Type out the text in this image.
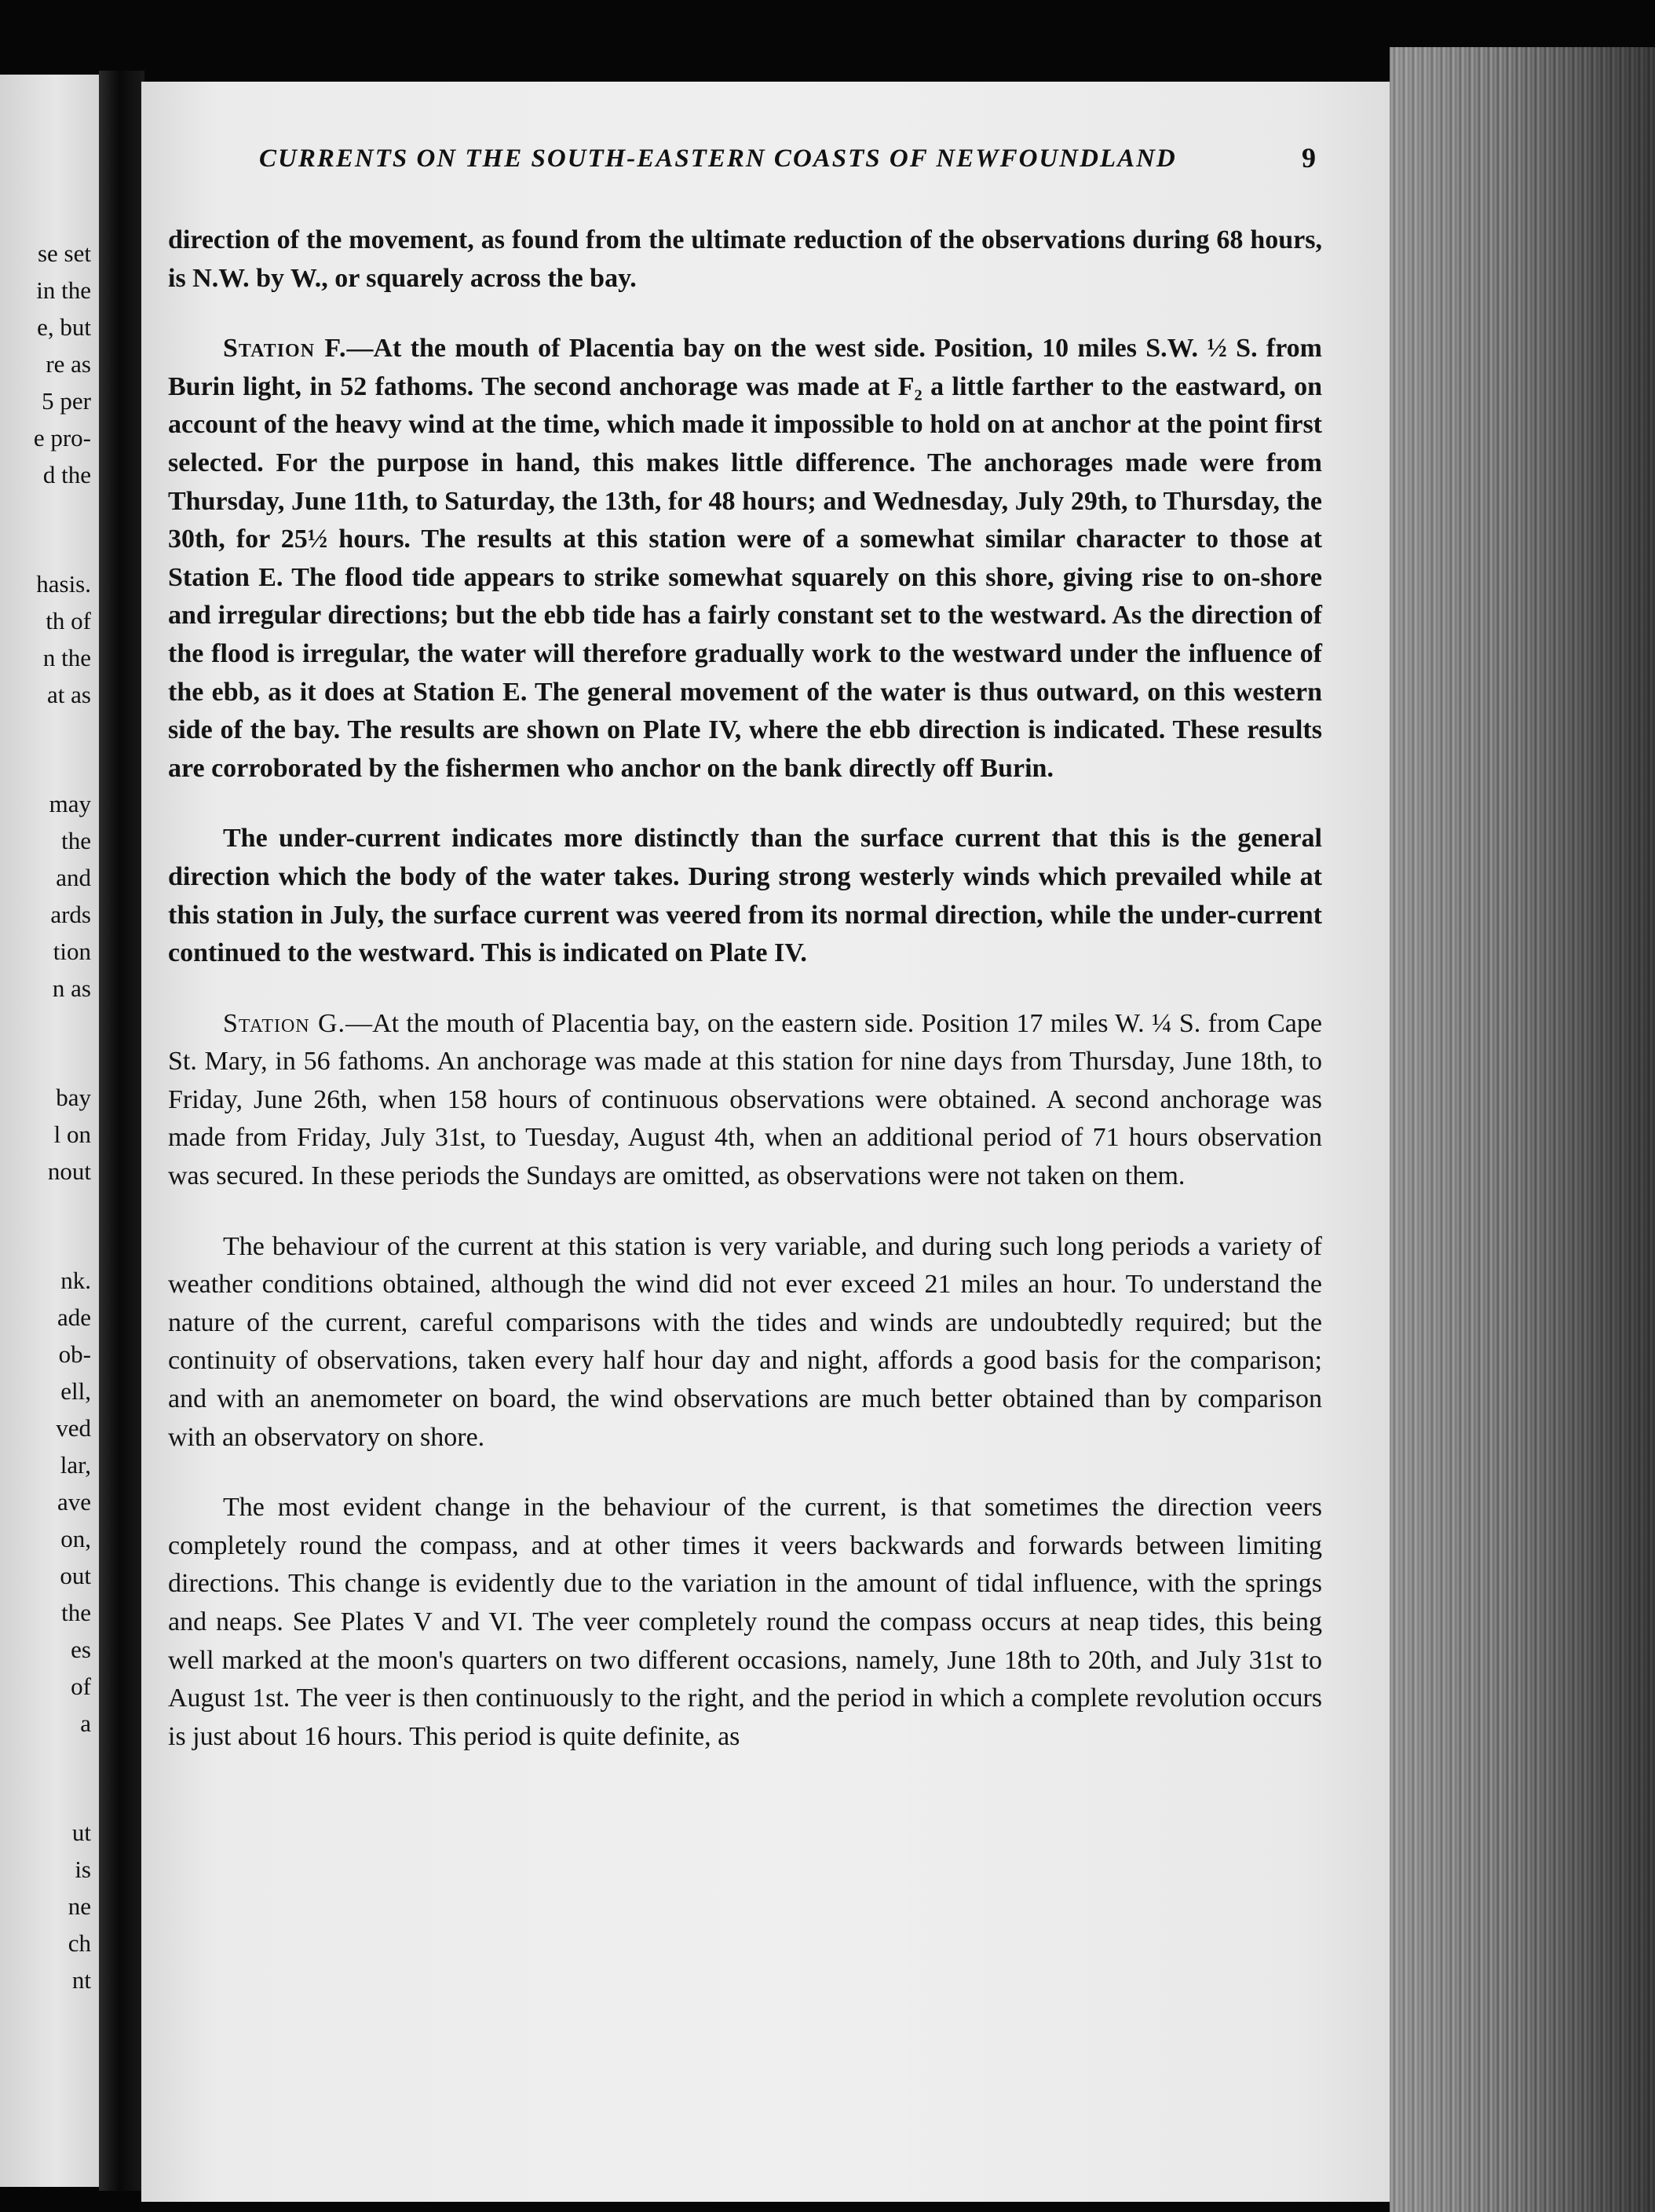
se set
in the
e, but
re as
5 per
e pro-
d the
hasis.
th of
n the
at as
may
the
and
ards
tion
n as
bay
l on
nout
nk.
ade
ob-
ell,
ved
lar,
ave
on,
out
the
es
of
a
ut
is
ne
ch
nt
CURRENTS ON THE SOUTH-EASTERN COASTS OF NEWFOUNDLAND	9

direction of the movement, as found from the ultimate reduction of the observations during 68 hours, is N.W. by W., or squarely across the bay.

Station F.—At the mouth of Placentia bay on the west side. Position, 10 miles S.W. ½ S. from Burin light, in 52 fathoms. The second anchorage was made at F₂ a little farther to the eastward, on account of the heavy wind at the time, which made it impossible to hold on at anchor at the point first selected. For the purpose in hand, this makes little difference. The anchorages made were from Thursday, June 11th, to Saturday, the 13th, for 48 hours; and Wednesday, July 29th, to Thursday, the 30th, for 25½ hours. The results at this station were of a somewhat similar character to those at Station E. The flood tide appears to strike somewhat squarely on this shore, giving rise to on-shore and irregular directions; but the ebb tide has a fairly constant set to the westward. As the direction of the flood is irregular, the water will therefore gradually work to the westward under the influence of the ebb, as it does at Station E. The general movement of the water is thus outward, on this western side of the bay. The results are shown on Plate IV, where the ebb direction is indicated. These results are corroborated by the fishermen who anchor on the bank directly off Burin.

The under-current indicates more distinctly than the surface current that this is the general direction which the body of the water takes. During strong westerly winds which prevailed while at this station in July, the surface current was veered from its normal direction, while the under-current continued to the westward. This is indicated on Plate IV.

Station G.—At the mouth of Placentia bay, on the eastern side. Position 17 miles W. ¼ S. from Cape St. Mary, in 56 fathoms. An anchorage was made at this station for nine days from Thursday, June 18th, to Friday, June 26th, when 158 hours of continuous observations were obtained. A second anchorage was made from Friday, July 31st, to Tuesday, August 4th, when an additional period of 71 hours observation was secured. In these periods the Sundays are omitted, as observations were not taken on them.

The behaviour of the current at this station is very variable, and during such long periods a variety of weather conditions obtained, although the wind did not ever exceed 21 miles an hour. To understand the nature of the current, careful comparisons with the tides and winds are undoubtedly required; but the continuity of observations, taken every half hour day and night, affords a good basis for the comparison; and with an anemometer on board, the wind observations are much better obtained than by comparison with an observatory on shore.

The most evident change in the behaviour of the current, is that sometimes the direction veers completely round the compass, and at other times it veers backwards and forwards between limiting directions. This change is evidently due to the variation in the amount of tidal influence, with the springs and neaps. See Plates V and VI. The veer completely round the compass occurs at neap tides, this being well marked at the moon's quarters on two different occasions, namely, June 18th to 20th, and July 31st to August 1st. The veer is then continuously to the right, and the period in which a complete revolution occurs is just about 16 hours. This period is quite definite, as
